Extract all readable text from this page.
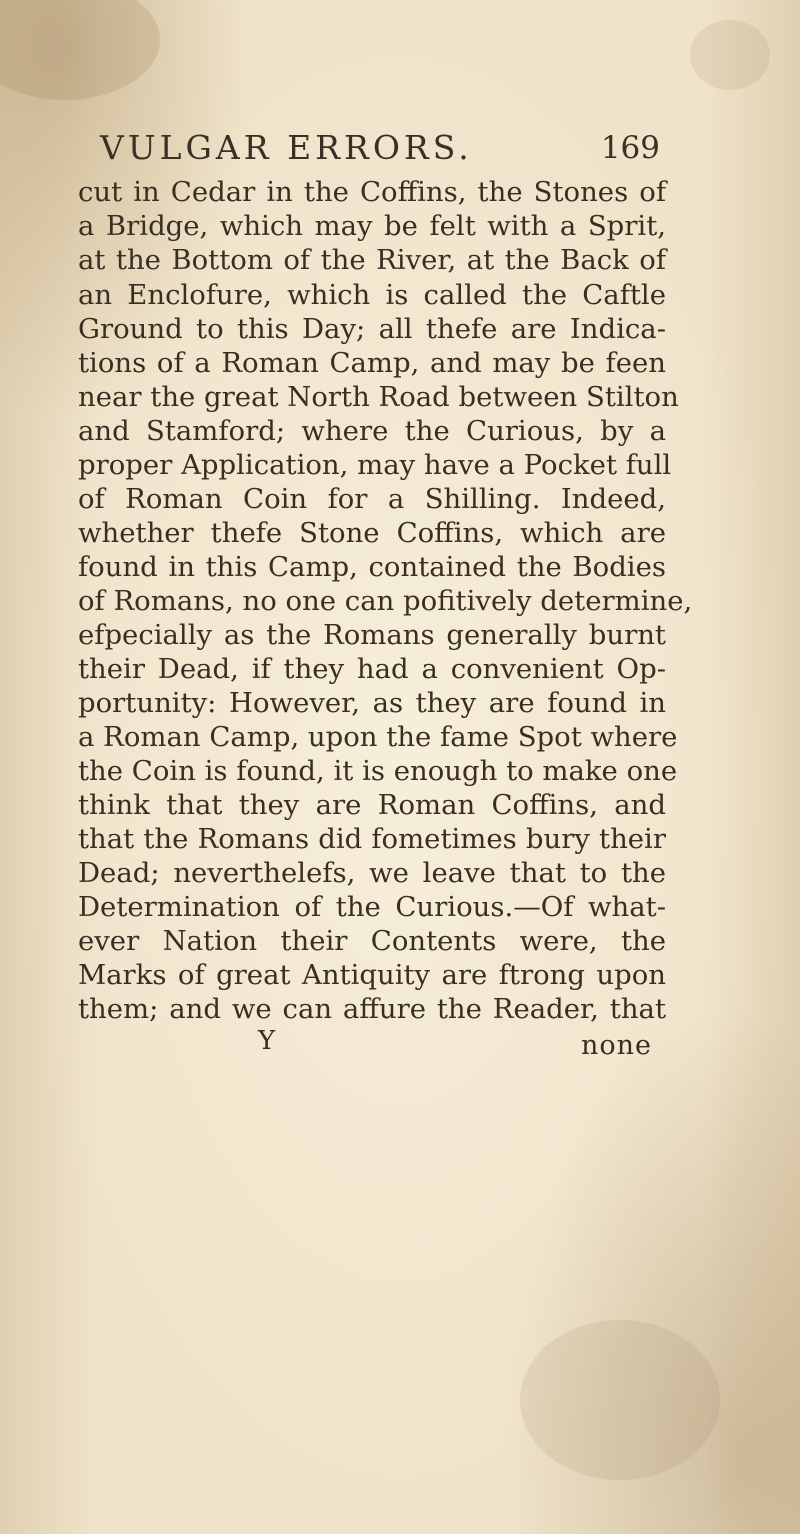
VULGAR ERRORS.	169
cut in Cedar in the Coffins, the Stones of
a Bridge, which may be felt with a Sprit,
at the Bottom of the River, at the Back of
an Enclofure, which is called the Caftle
Ground to this Day; all thefe are Indica-
tions of a Roman Camp, and may be feen
near the great North Road between Stilton
and Stamford; where the Curious, by a
proper Application, may have a Pocket full
of Roman Coin for a Shilling. Indeed,
whether thefe Stone Coffins, which are
found in this Camp, contained the Bodies
of Romans, no one can pofitively determine,
efpecially as the Romans generally burnt
their Dead, if they had a convenient Op-
portunity: However, as they are found in
a Roman Camp, upon the fame Spot where
the Coin is found, it is enough to make one
think that they are Roman Coffins, and
that the Romans did fometimes bury their
Dead; neverthelefs, we leave that to the
Determination of the Curious.—Of what-
ever Nation their Contents were, the
Marks of great Antiquity are ftrong upon
them; and we can affure the Reader, that
Y	none
